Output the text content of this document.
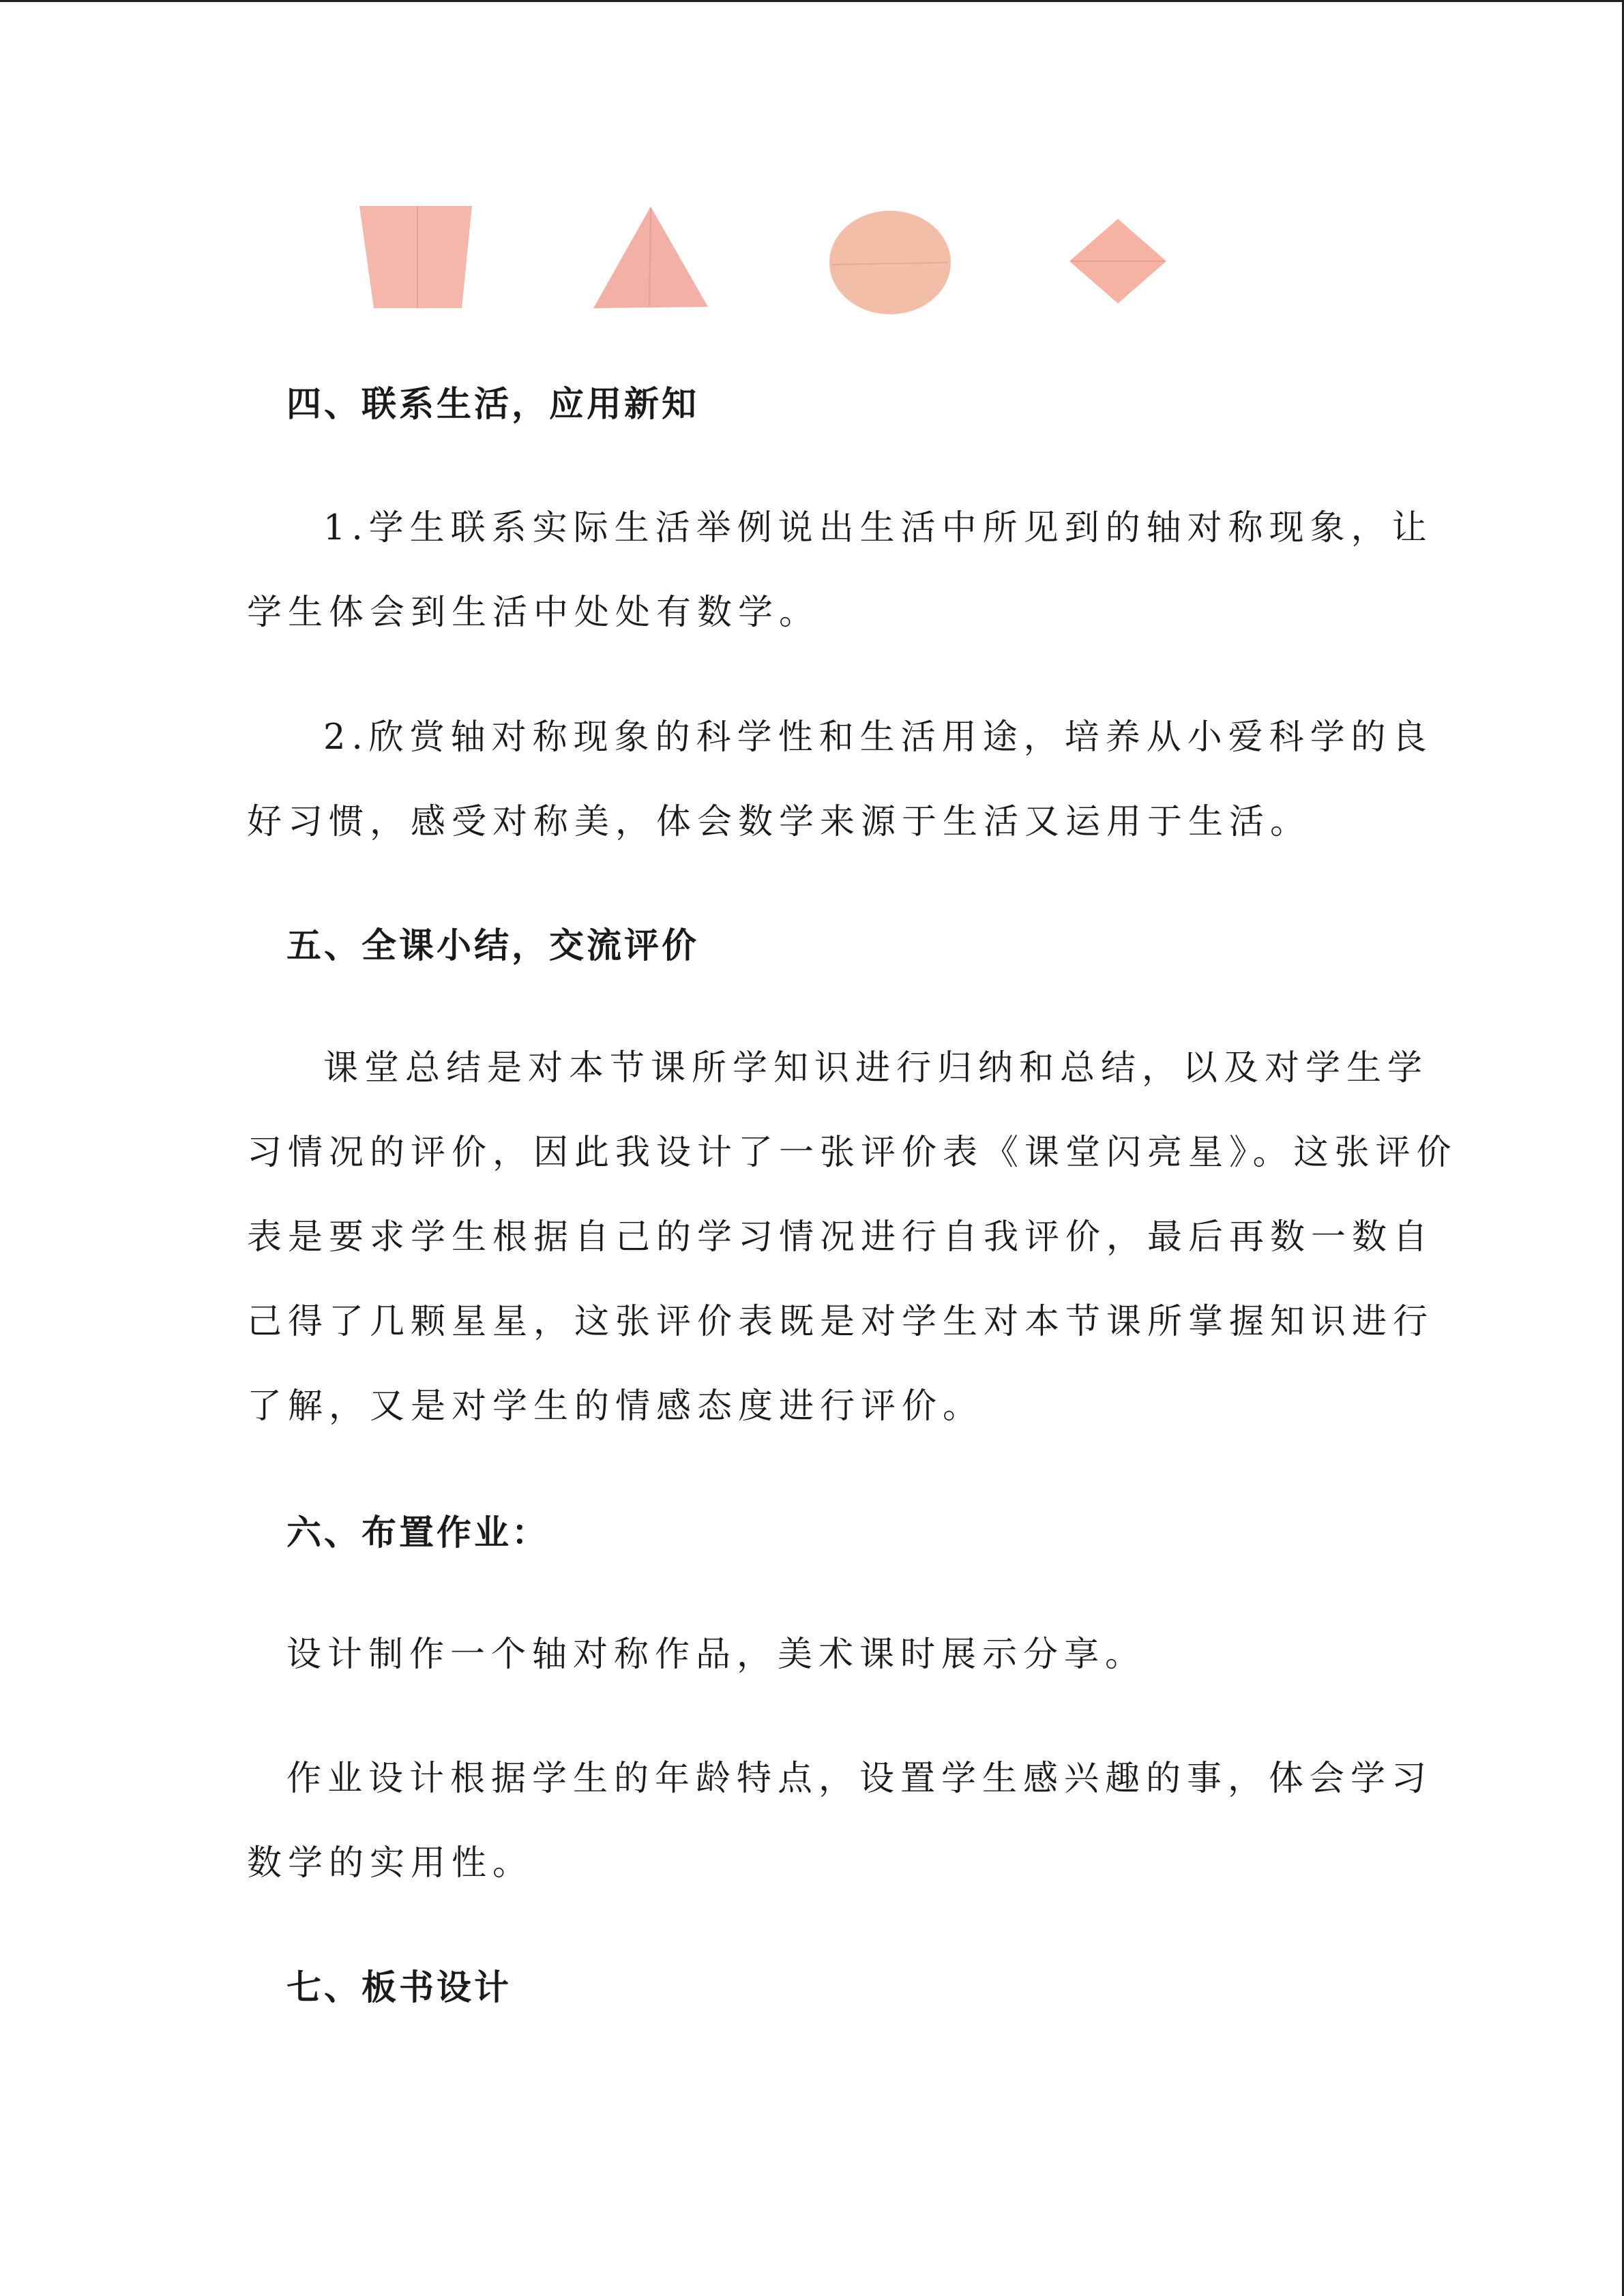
四、联系生活，应用新知
1.学生联系实际生活举例说出生活中所见到的轴对称现象，让
学生体会到生活中处处有数学。
2.欣赏轴对称现象的科学性和生活用途，培养从小爱科学的良
好习惯，感受对称美，体会数学来源于生活又运用于生活。
五、全课小结，交流评价
课堂总结是对本节课所学知识进行归纳和总结，以及对学生学
习情况的评价，因此我设计了一张评价表《课堂闪亮星》。这张评价
表是要求学生根据自己的学习情况进行自我评价，最后再数一数自
己得了几颗星星，这张评价表既是对学生对本节课所掌握知识进行
了解，又是对学生的情感态度进行评价。
六、布置作业：
设计制作一个轴对称作品，美术课时展示分享。
作业设计根据学生的年龄特点，设置学生感兴趣的事，体会学习
数学的实用性。
七、板书设计
